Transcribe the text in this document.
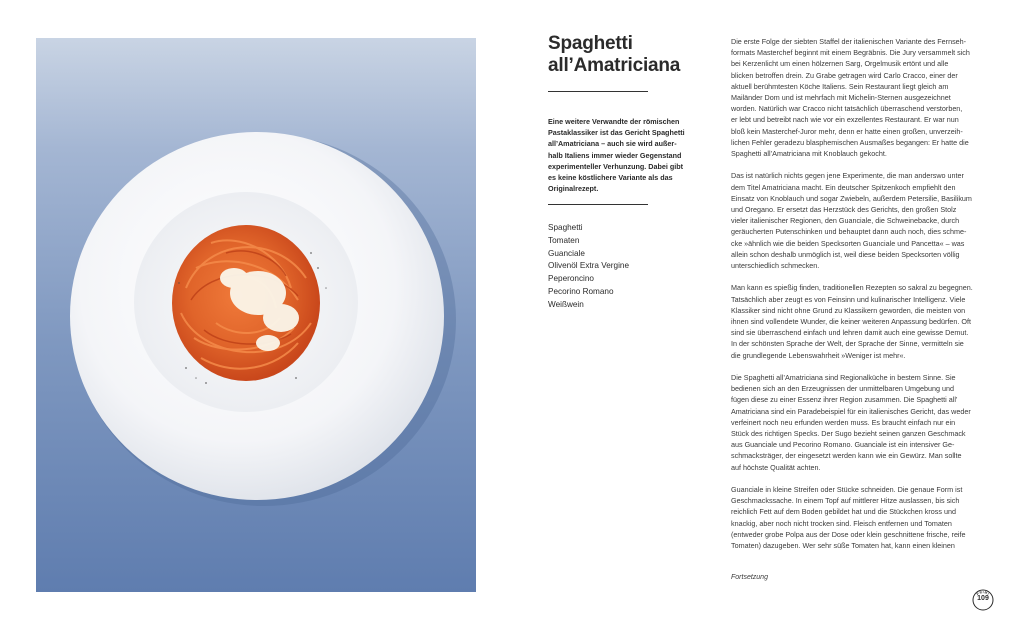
Spaghetti
all’Amatriciana
Eine weitere Verwandte der römischen
Pastaklassiker ist das Gericht Spaghetti
all’Amatriciana – auch sie wird außer-
halb Italiens immer wieder Gegenstand
experimenteller Verhunzung. Dabei gibt
es keine köstlichere Variante als das
Originalrezept.
Spaghetti
Tomaten
Guanciale
Olivenöl Extra Vergine
Peperoncino
Pecorino Romano
Weißwein

Die erste Folge der siebten Staffel der italienischen Variante des Fernseh-
formats Masterchef beginnt mit einem Begräbnis. Die Jury versammelt sich
bei Kerzenlicht um einen hölzernen Sarg, Orgelmusik ertönt und alle
blicken betroffen drein. Zu Grabe getragen wird Carlo Cracco, einer der
aktuell berühmtesten Köche Italiens. Sein Restaurant liegt gleich am
Mailänder Dom und ist mehrfach mit Michelin-Sternen ausgezeichnet
worden. Natürlich war Cracco nicht tatsächlich überraschend verstorben,
er lebt und betreibt nach wie vor ein exzellentes Restaurant. Er war nun
bloß kein Masterchef-Juror mehr, denn er hatte einen großen, unverzeih-
lichen Fehler geradezu blasphemischen Ausmaßes begangen: Er hatte die
Spaghetti all’Amatriciana mit Knoblauch gekocht.

Das ist natürlich nichts gegen jene Experimente, die man anderswo unter
dem Titel Amatriciana macht. Ein deutscher Spitzenkoch empfiehlt den
Einsatz von Knoblauch und sogar Zwiebeln, außerdem Petersilie, Basilikum
und Oregano. Er ersetzt das Herzstück des Gerichts, den großen Stolz
vieler italienischer Regionen, den Guanciale, die Schweinebacke, durch
geräucherten Putenschinken und behauptet dann auch noch, dies schme-
cke »ähnlich wie die beiden Specksorten Guanciale und Pancetta« – was
allein schon deshalb unmöglich ist, weil diese beiden Specksorten völlig
unterschiedlich schmecken.

Man kann es spießig finden, traditionellen Rezepten so sakral zu begegnen.
Tatsächlich aber zeugt es von Feinsinn und kulinarischer Intelligenz. Viele
Klassiker sind nicht ohne Grund zu Klassikern geworden, die meisten von
ihnen sind vollendete Wunder, die keiner weiteren Anpassung bedürfen. Oft
sind sie überraschend einfach und lehren damit auch eine gewisse Demut.
In der schönsten Sprache der Welt, der Sprache der Sinne, vermitteln sie
die grundlegende Lebenswahrheit »Weniger ist mehr«.

Die Spaghetti all’Amatriciana sind Regionalküche in bestem Sinne. Sie
bedienen sich an den Erzeugnissen der unmittelbaren Umgebung und
fügen diese zu einer Essenz ihrer Region zusammen. Die Spaghetti all’
Amatriciana sind ein Paradebeispiel für ein italienisches Gericht, das weder
verfeinert noch neu erfunden werden muss. Es braucht einfach nur ein
Stück des richtigen Specks. Der Sugo bezieht seinen ganzen Geschmack
aus Guanciale und Pecorino Romano. Guanciale ist ein intensiver Ge-
schmacksträger, der eingesetzt werden kann wie ein Gewürz. Man sollte
auf höchste Qualität achten.

Guanciale in kleine Streifen oder Stücke schneiden. Die genaue Form ist
Geschmackssache. In einem Topf auf mittlerer Hitze auslassen, bis sich
reichlich Fett auf dem Boden gebildet hat und die Stückchen kross und
knackig, aber noch nicht trocken sind. Fleisch entfernen und Tomaten
(entweder grobe Polpa aus der Dose oder klein geschnittene frische, reife
Tomaten) dazugeben. Wer sehr süße Tomaten hat, kann einen kleinen

Fortsetzung
PRIMI
109
